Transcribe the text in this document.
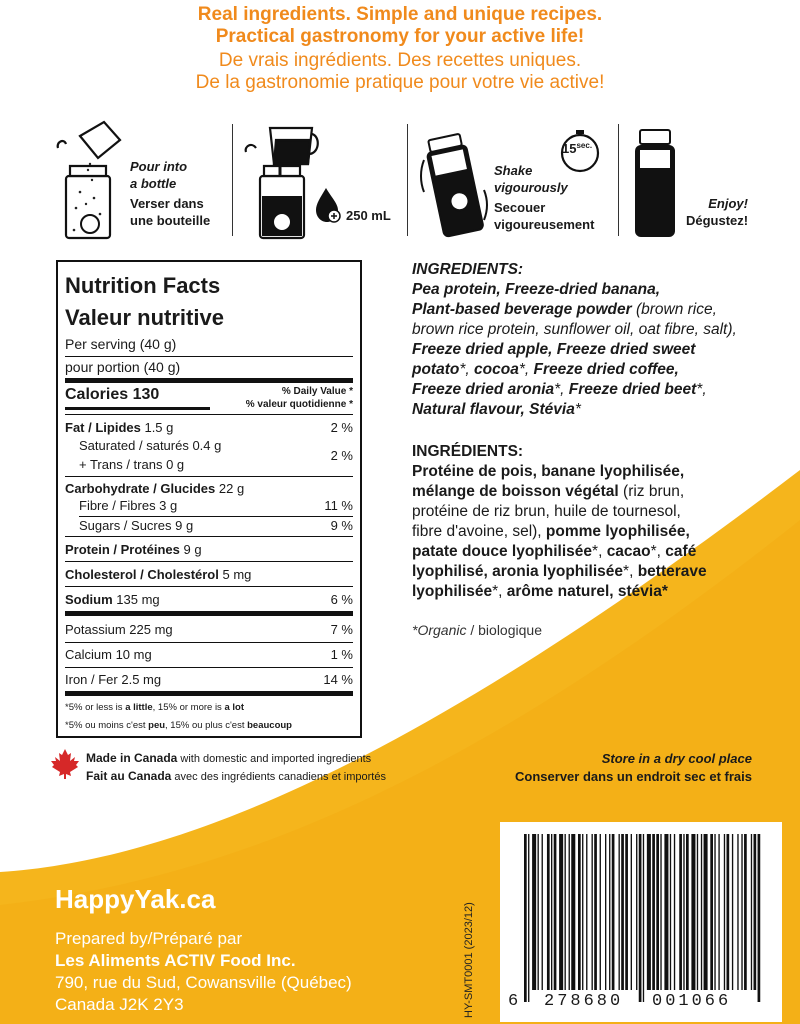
Real ingredients. Simple and unique recipes.
Practical gastronomy for your active life!
De vrais ingrédients. Des recettes uniques.
De la gastronomie pratique pour votre vie active!
Pour into
a bottle
Verser dans
une bouteille	250 mL
$15^{sec.}$
Shake
vigourously
Secouer
vigoureusement
Enjoy!
Dégustez!
Nutrition Facts
Valeur nutritive
Per serving (40 g)
pour portion (40 g)
Calories 130	% Daily Value *
% valeur quotidienne *
Fat / Lipides 1.5 g	2 %
Saturated / saturés 0.4 g
2 %
+ Trans / trans 0 g
Carbohydrate / Glucides 22 g
Fibre / Fibres 3 g	11 %
Sugars / Sucres 9 g	9 %
Protein / Protéines 9 g
Cholesterol / Cholestérol 5 mg
Sodium 135 mg	6 %
Potassium 225 mg	7 %
Calcium 10 mg	1 %
Iron / Fer 2.5 mg	14 %
*5% or less is a little, 15% or more is a lot
*5% ou moins c'est peu, 15% ou plus c'est beaucoup
INGREDIENTS:
Pea protein, Freeze-dried banana,
Plant-based beverage powder (brown rice,
brown rice protein, sunflower oil, oat fibre, salt),
Freeze dried apple, Freeze dried sweet
potato*, cocoa*, Freeze dried coffee,
Freeze dried aronia*, Freeze dried beet*,
Natural flavour, Stévia*
INGRÉDIENTS:
Protéine de pois, banane lyophilisée,
mélange de boisson végétal (riz brun,
protéine de riz brun, huile de tournesol,
fibre d'avoine, sel), pomme lyophilisée,
patate douce lyophilisée*, cacao*, café
lyophilisé, aronia lyophilisée*, betterave
lyophilisée*, arôme naturel, stévia*
*Organic / biologique
Made in Canada with domestic and imported ingredients
Fait au Canada avec des ingrédients canadiens et importés
Store in a dry cool place
Conserver dans un endroit sec et frais
HappyYak.ca
Prepared by/Préparé par
Les Aliments ACTIV Food Inc.
790, rue du Sud, Cowansville (Québec)
Canada J2K 2Y3	HY-SMT0001 (2023/12) 6 278680 001066
